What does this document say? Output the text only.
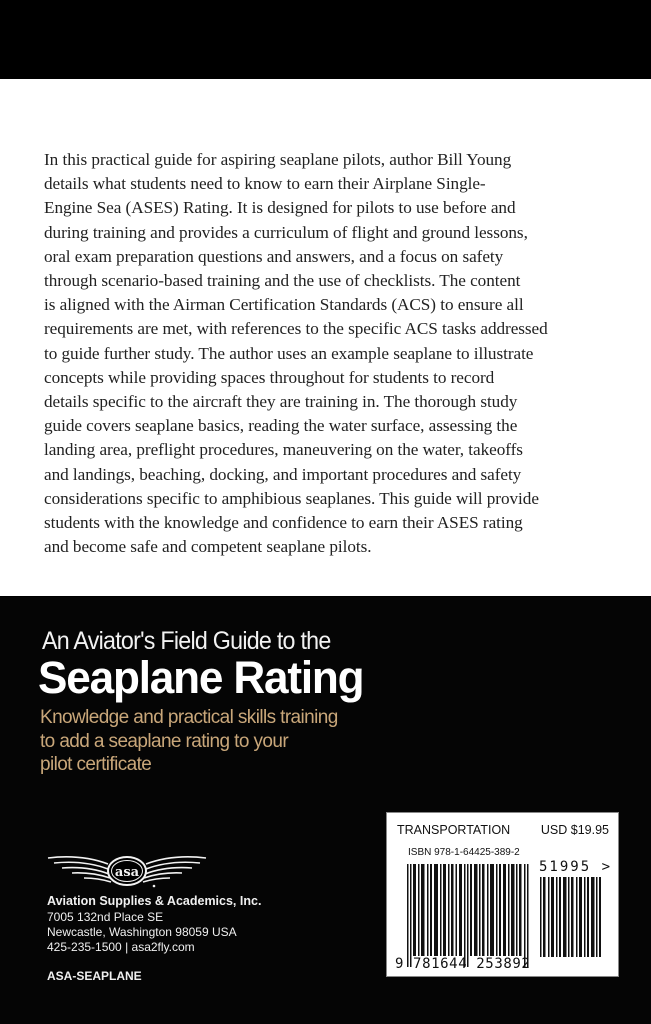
In this practical guide for aspiring seaplane pilots, author Bill Young
details what students need to know to earn their Airplane Single-
Engine Sea (ASES) Rating. It is designed for pilots to use before and
during training and provides a curriculum of flight and ground lessons,
oral exam preparation questions and answers, and a focus on safety
through scenario-based training and the use of checklists. The content
is aligned with the Airman Certification Standards (ACS) to ensure all
requirements are met, with references to the specific ACS tasks addressed
to guide further study. The author uses an example seaplane to illustrate
concepts while providing spaces throughout for students to record
details specific to the aircraft they are training in. The thorough study
guide covers seaplane basics, reading the water surface, assessing the
landing area, preflight procedures, maneuvering on the water, takeoffs
and landings, beaching, docking, and important procedures and safety
considerations specific to amphibious seaplanes. This guide will provide
students with the knowledge and confidence to earn their ASES rating
and become safe and competent seaplane pilots.
An Aviator's Field Guide to the
Seaplane Rating
Knowledge and practical skills training
to add a seaplane rating to your
pilot certificate
asa
Aviation Supplies & Academics, Inc.
7005 132nd Place SE
Newcastle, Washington 98059 USA
425-235-1500 | asa2fly.com
ASA-SEAPLANE
TRANSPORTATION USD $19.95
ISBN 978-1-64425-389-2
51995 >
9 781644 253892
